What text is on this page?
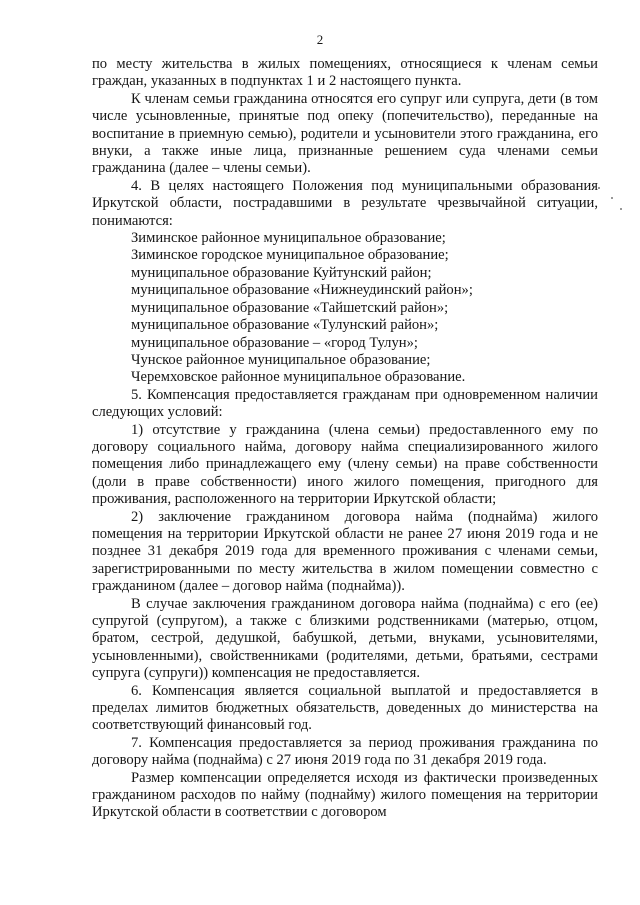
2

по месту жительства в жилых помещениях, относящиеся к членам семьи граждан, указанных в подпунктах 1 и 2 настоящего пункта.

К членам семьи гражданина относятся его супруг или супруга, дети (в том числе усыновленные, принятые под опеку (попечительство), переданные на воспитание в приемную семью), родители и усыновители этого гражданина, его внуки, а также иные лица, признанные решением суда членами семьи гражданина (далее – члены семьи).

4. В целях настоящего Положения под муниципальными образования Иркутской области, пострадавшими в результате чрезвычайной ситуации, понимаются:

Зиминское районное муниципальное образование;

Зиминское городское муниципальное образование;

муниципальное образование Куйтунский район;

муниципальное образование «Нижнеудинский район»;

муниципальное образование «Тайшетский район»;

муниципальное образование «Тулунский район»;

муниципальное образование – «город Тулун»;

Чунское районное муниципальное образование;

Черемховское районное муниципальное образование.

5. Компенсация предоставляется гражданам при одновременном наличии следующих условий:

1) отсутствие у гражданина (члена семьи) предоставленного ему по договору социального найма, договору найма специализированного жилого помещения либо принадлежащего ему (члену семьи) на праве собственности (доли в праве собственности) иного жилого помещения, пригодного для проживания, расположенного на территории Иркутской области;

2) заключение гражданином договора найма (поднайма) жилого помещения на территории Иркутской области не ранее 27 июня 2019 года и не позднее 31 декабря 2019 года для временного проживания с членами семьи, зарегистрированными по месту жительства в жилом помещении совместно с гражданином (далее – договор найма (поднайма)).

В случае заключения гражданином договора найма (поднайма) с его (ее) супругой (супругом), а также с близкими родственниками (матерью, отцом, братом, сестрой, дедушкой, бабушкой, детьми, внуками, усыновителями, усыновленными), свойственниками (родителями, детьми, братьями, сестрами супруга (супруги)) компенсация не предоставляется.

6. Компенсация является социальной выплатой и предоставляется в пределах лимитов бюджетных обязательств, доведенных до министерства на соответствующий финансовый год.

7. Компенсация предоставляется за период проживания гражданина по договору найма (поднайма) с 27 июня 2019 года по 31 декабря 2019 года.

Размер компенсации определяется исходя из фактически произведенных гражданином расходов по найму (поднайму) жилого помещения на территории Иркутской области в соответствии с договором
